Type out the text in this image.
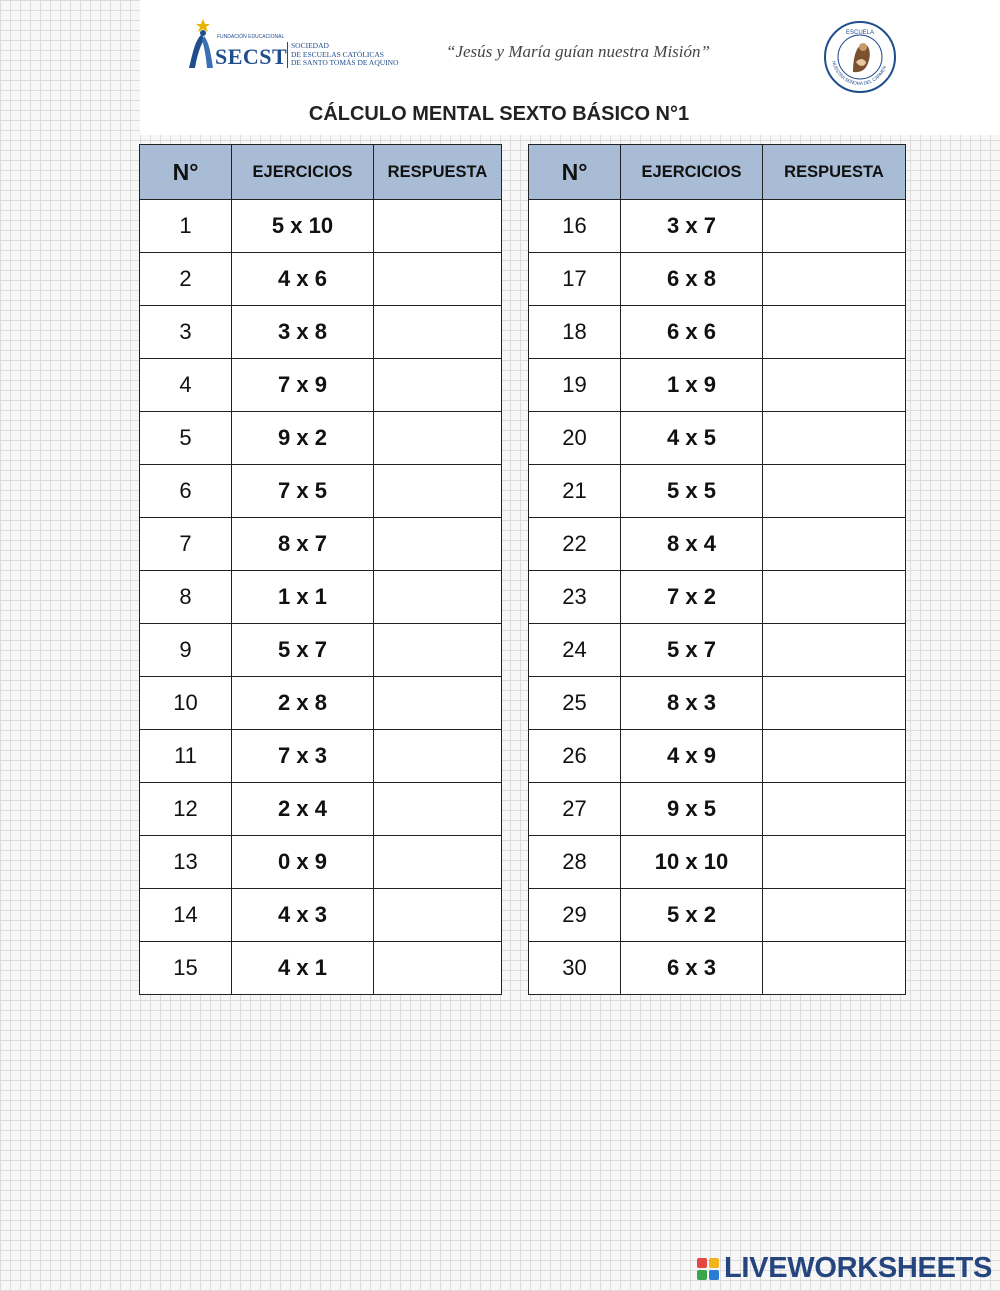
FUNDACIÓN EDUCACIONAL
SECST SOCIEDAD
DE ESCUELAS CATÓLICAS
DE SANTO TOMÁS DE AQUINO
“Jesús y María guían nuestra Misión”
ESCUELA
NUESTRA SEÑORA DEL CARMEN
CÁLCULO MENTAL SEXTO BÁSICO N°1
N°	EJERCICIOS	RESPUESTA
1	5 x 10	
2	4 x 6	
3	3 x 8	
4	7 x 9	
5	9 x 2	
6	7 x 5	
7	8 x 7	
8	1 x 1	
9	5 x 7	
10	2 x 8	
11	7 x 3	
12	2 x 4	
13	0 x 9	
14	4 x 3	
15	4 x 1	
N°	EJERCICIOS	RESPUESTA
16	3 x 7	
17	6 x 8	
18	6 x 6	
19	1 x 9	
20	4 x 5	
21	5 x 5	
22	8 x 4	
23	7 x 2	
24	5 x 7	
25	8 x 3	
26	4 x 9	
27	9 x 5	
28	10 x 10	
29	5 x 2	
30	6 x 3	
LIVEWORKSHEETS
